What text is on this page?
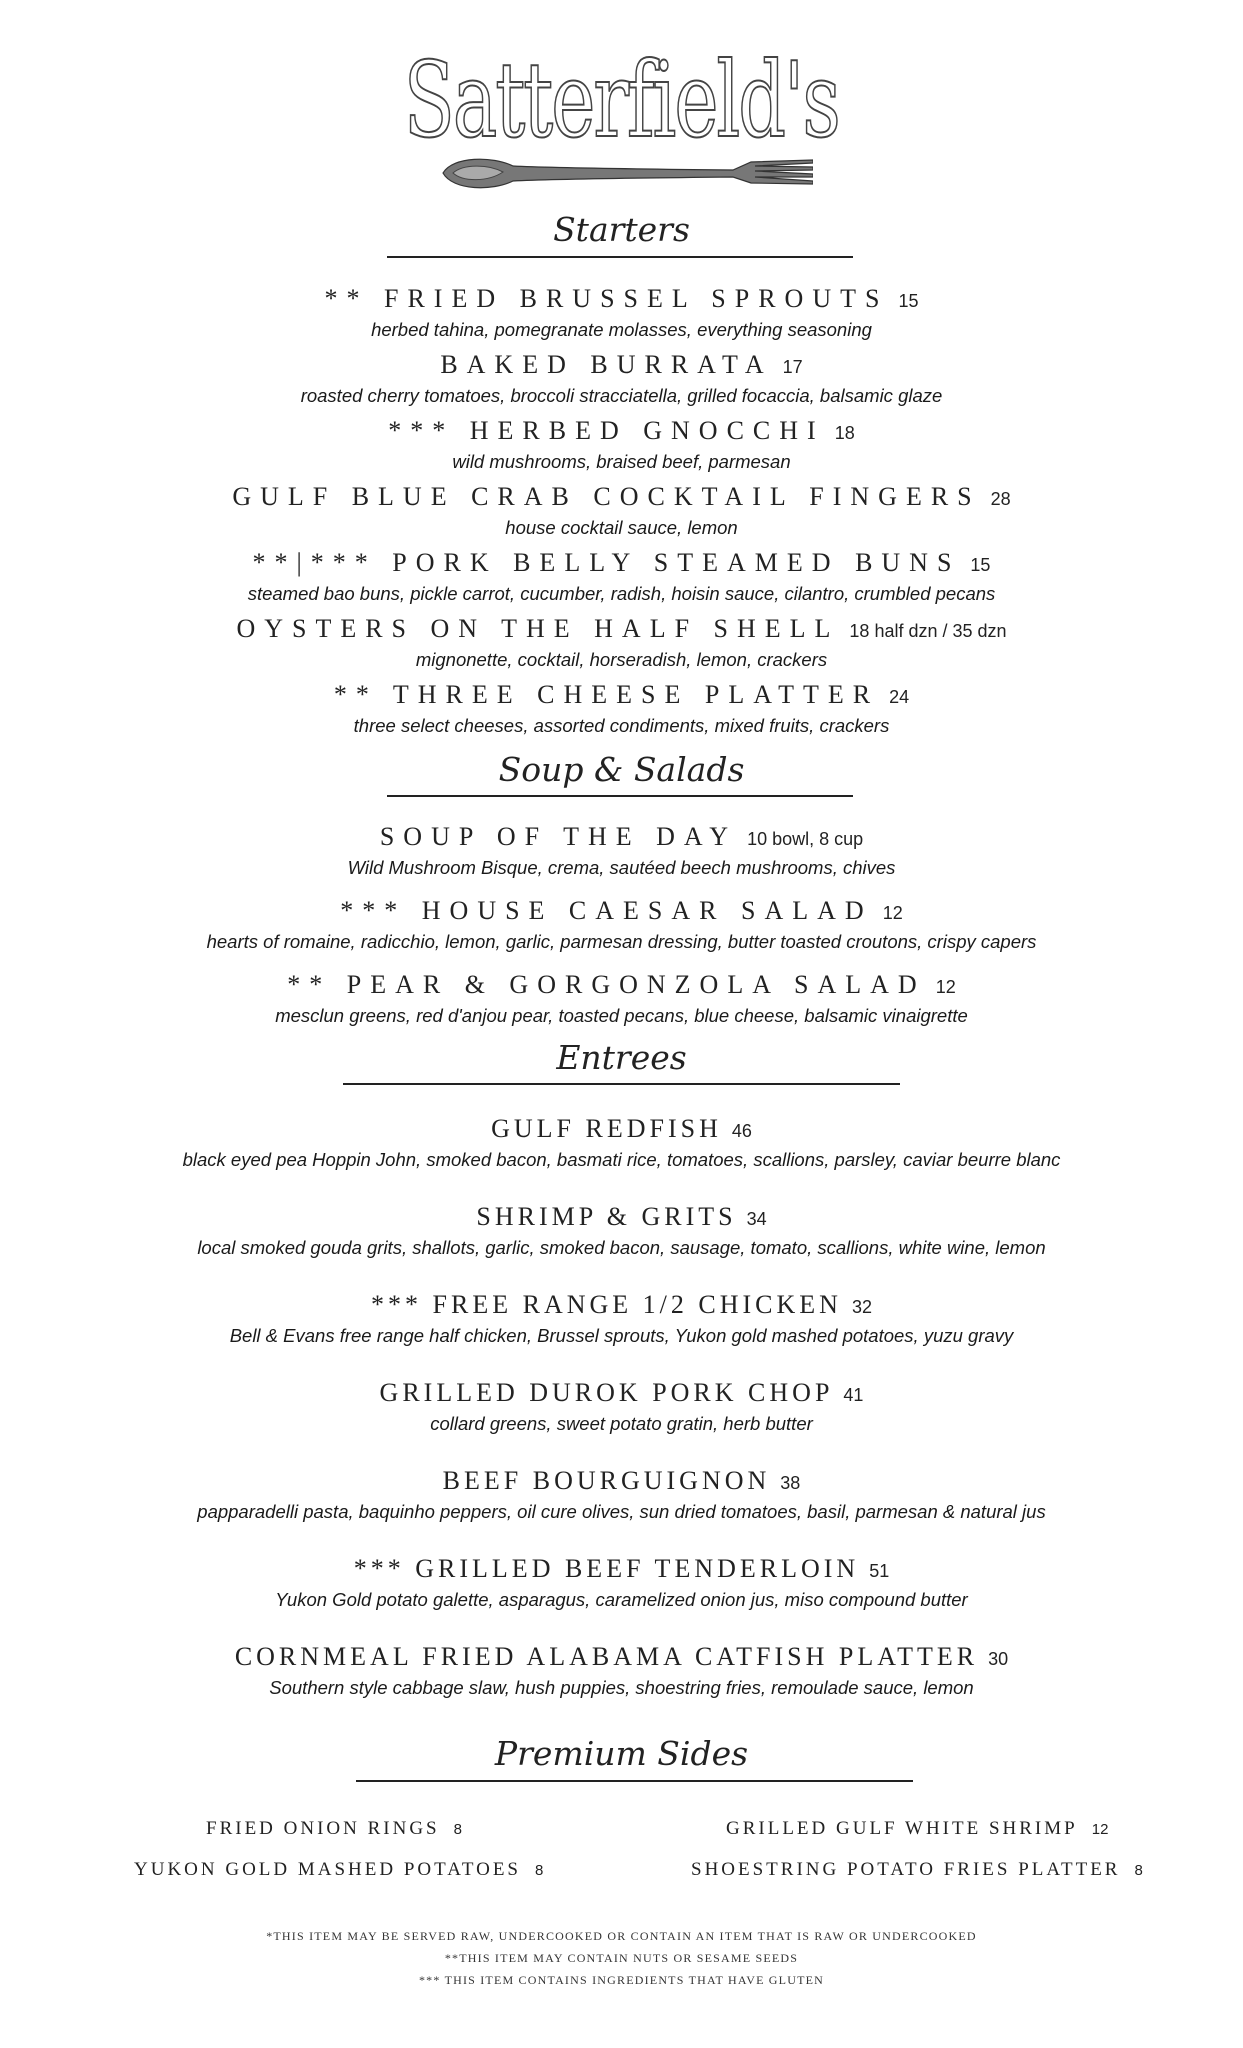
Satterfield's
Starters
** FRIED BRUSSEL SPROUTS 15
herbed tahina, pomegranate molasses, everything seasoning
BAKED BURRATA 17
roasted cherry tomatoes, broccoli stracciatella, grilled focaccia, balsamic glaze
*** HERBED GNOCCHI 18
wild mushrooms, braised beef, parmesan
GULF BLUE CRAB COCKTAIL FINGERS 28
house cocktail sauce, lemon
**|*** PORK BELLY STEAMED BUNS 15
steamed bao buns, pickle carrot, cucumber, radish, hoisin sauce, cilantro, crumbled pecans
OYSTERS ON THE HALF SHELL 18 half dzn / 35 dzn
mignonette, cocktail, horseradish, lemon, crackers
** THREE CHEESE PLATTER 24
three select cheeses, assorted condiments, mixed fruits, crackers
Soup & Salads
SOUP OF THE DAY 10 bowl, 8 cup
Wild Mushroom Bisque, crema, sautéed beech mushrooms, chives
*** HOUSE CAESAR SALAD 12
hearts of romaine, radicchio, lemon, garlic, parmesan dressing, butter toasted croutons, crispy capers
** PEAR & GORGONZOLA SALAD 12
mesclun greens, red d'anjou pear, toasted pecans, blue cheese, balsamic vinaigrette
Entrees
GULF REDFISH 46
black eyed pea Hoppin John, smoked bacon, basmati rice, tomatoes, scallions, parsley, caviar beurre blanc
SHRIMP & GRITS 34
local smoked gouda grits, shallots, garlic, smoked bacon, sausage, tomato, scallions, white wine, lemon
*** FREE RANGE 1/2 CHICKEN 32
Bell & Evans free range half chicken, Brussel sprouts, Yukon gold mashed potatoes, yuzu gravy
GRILLED DUROK PORK CHOP 41
collard greens, sweet potato gratin, herb butter
BEEF BOURGUIGNON 38
papparadelli pasta, baquinho peppers, oil cure olives, sun dried tomatoes, basil, parmesan & natural jus
*** GRILLED BEEF TENDERLOIN 51
Yukon Gold potato galette, asparagus, caramelized onion jus, miso compound butter
CORNMEAL FRIED ALABAMA CATFISH PLATTER 30
Southern style cabbage slaw, hush puppies, shoestring fries, remoulade sauce, lemon
Premium Sides
FRIED ONION RINGS 8	GRILLED GULF WHITE SHRIMP 12
YUKON GOLD MASHED POTATOES 8	SHOESTRING POTATO FRIES PLATTER 8
*THIS ITEM MAY BE SERVED RAW, UNDERCOOKED OR CONTAIN AN ITEM THAT IS RAW OR UNDERCOOKED
**THIS ITEM MAY CONTAIN NUTS OR SESAME SEEDS
*** THIS ITEM CONTAINS INGREDIENTS THAT HAVE GLUTEN
